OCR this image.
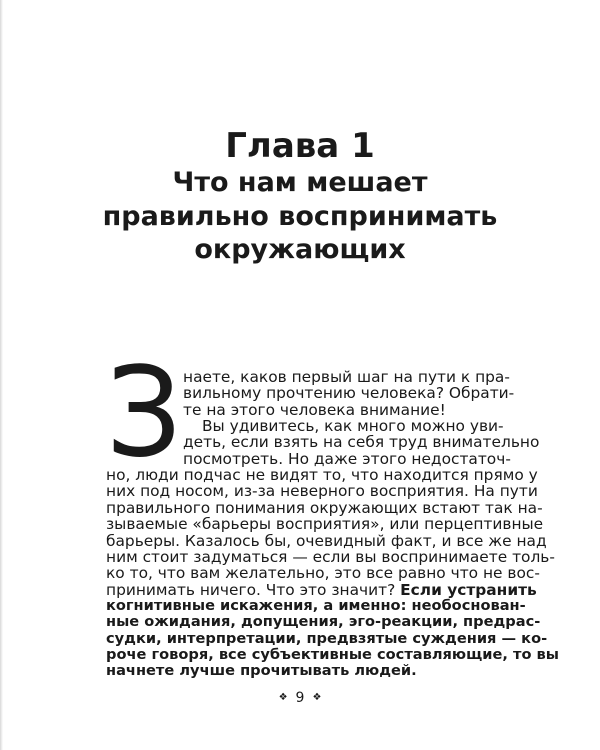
Глава 1
Что нам мешает
правильно воспринимать
окружающих
З наете, каков первый шаг на пути к пра-
вильному прочтению человека? Обрати-
те на этого человека внимание!
Вы удивитесь, как много можно уви-
деть, если взять на себя труд внимательно
посмотреть. Но даже этого недостаточ-
но, люди подчас не видят то, что находится прямо у
них под носом, из-за неверного восприятия. На пути
правильного понимания окружающих встают так на-
зываемые «барьеры восприятия», или перцептивные
барьеры. Казалось бы, очевидный факт, и все же над
ним стоит задуматься — если вы воспринимаете толь-
ко то, что вам желательно, это все равно что не вос-
принимать ничего. Что это значит? Если устранить
когнитивные искажения, а именно: необоснован-
ные ожидания, допущения, эго-реакции, предрас-
судки, интерпретации, предвзятые суждения — ко-
роче говоря, все субъективные составляющие, то вы
начнете лучше прочитывать людей.
❖ 9 ❖
